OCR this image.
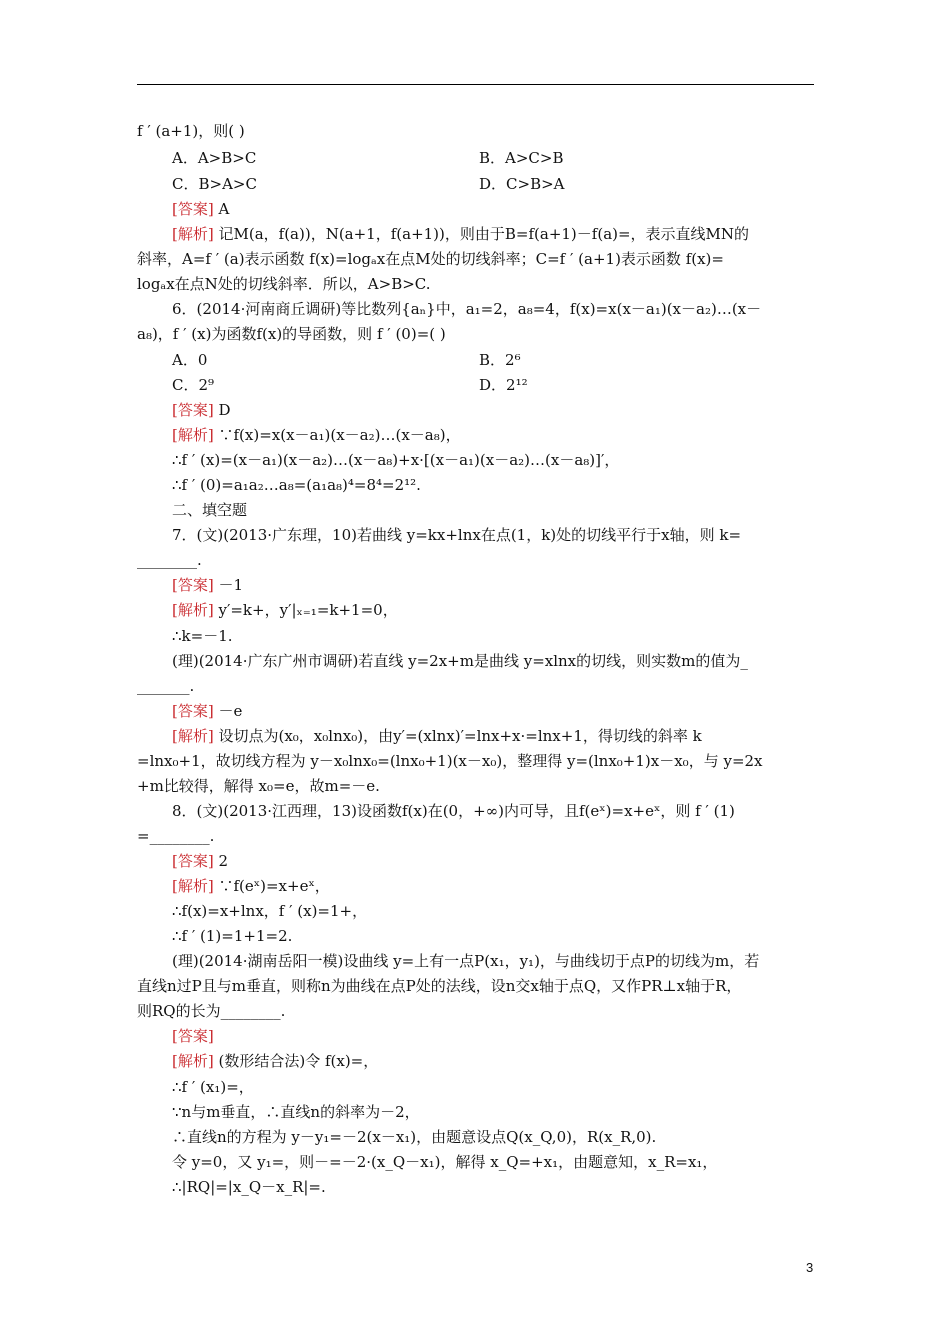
f ′ (a+1)，则( )
A．A>B>C
C．B>A>C
[答案] A
[解析] 记M(a，f(a))，N(a+1，f(a+1))，则由于B=f(a+1)－f(a)=，表示直线MN的
斜率，A=f ′ (a)表示函数 f(x)=logₐx在点M处的切线斜率；C=f ′ (a+1)表示函数 f(x)=
logₐx在点N处的切线斜率．所以，A>B>C.
6．(2014·河南商丘调研)等比数列{aₙ}中，a₁=2，a₈=4，f(x)=x(x－a₁)(x－a₂)…(x－
a₈)，f ′ (x)为函数f(x)的导函数，则 f ′ (0)=( )
A．0
C．2⁹
[答案] D
[解析] ∵f(x)=x(x－a₁)(x－a₂)…(x－a₈)，
∴f ′ (x)=(x－a₁)(x－a₂)…(x－a₈)+x·[(x－a₁)(x－a₂)…(x－a₈)]′，
∴f ′ (0)=a₁a₂…a₈=(a₁a₈)⁴=8⁴=2¹².
二、填空题
7．(文)(2013·广东理，10)若曲线 y=kx+lnx在点(1，k)处的切线平行于x轴，则 k=
________.
[答案] －1
[解析] y′=k+，y′|ₓ₌₁=k+1=0，
∴k=－1.
(理)(2014·广东广州市调研)若直线 y=2x+m是曲线 y=xlnx的切线，则实数m的值为_
_______.
[答案] －e
[解析] 设切点为(x₀，x₀lnx₀)，由y′=(xlnx)′=lnx+x·=lnx+1，得切线的斜率 k
=lnx₀+1，故切线方程为 y－x₀lnx₀=(lnx₀+1)(x－x₀)，整理得 y=(lnx₀+1)x－x₀，与 y=2x
+m比较得，解得 x₀=e，故m=－e.
8．(文)(2013·江西理，13)设函数f(x)在(0，+∞)内可导，且f(eˣ)=x+eˣ，则 f ′ (1)
=________.
[答案] 2
[解析] ∵f(eˣ)=x+eˣ，
∴f(x)=x+lnx，f ′ (x)=1+，
∴f ′ (1)=1+1=2.
(理)(2014·湖南岳阳一模)设曲线 y=上有一点P(x₁，y₁)，与曲线切于点P的切线为m，若
直线n过P且与m垂直，则称n为曲线在点P处的法线，设n交x轴于点Q，又作PR⊥x轴于R，
则RQ的长为________.
[答案]
[解析] (数形结合法)令 f(x)=，
∴f ′ (x₁)=，
∵n与m垂直，∴直线n的斜率为－2，
∴直线n的方程为 y－y₁=－2(x－x₁)，由题意设点Q(x_Q,0)，R(x_R,0).
令 y=0，又 y₁=，则－=－2·(x_Q－x₁)，解得 x_Q=+x₁，由题意知，x_R=x₁，
∴|RQ|=|x_Q－x_R|=.
B．A>C>B
D．C>B>A
B．2⁶
D．2¹²
3
